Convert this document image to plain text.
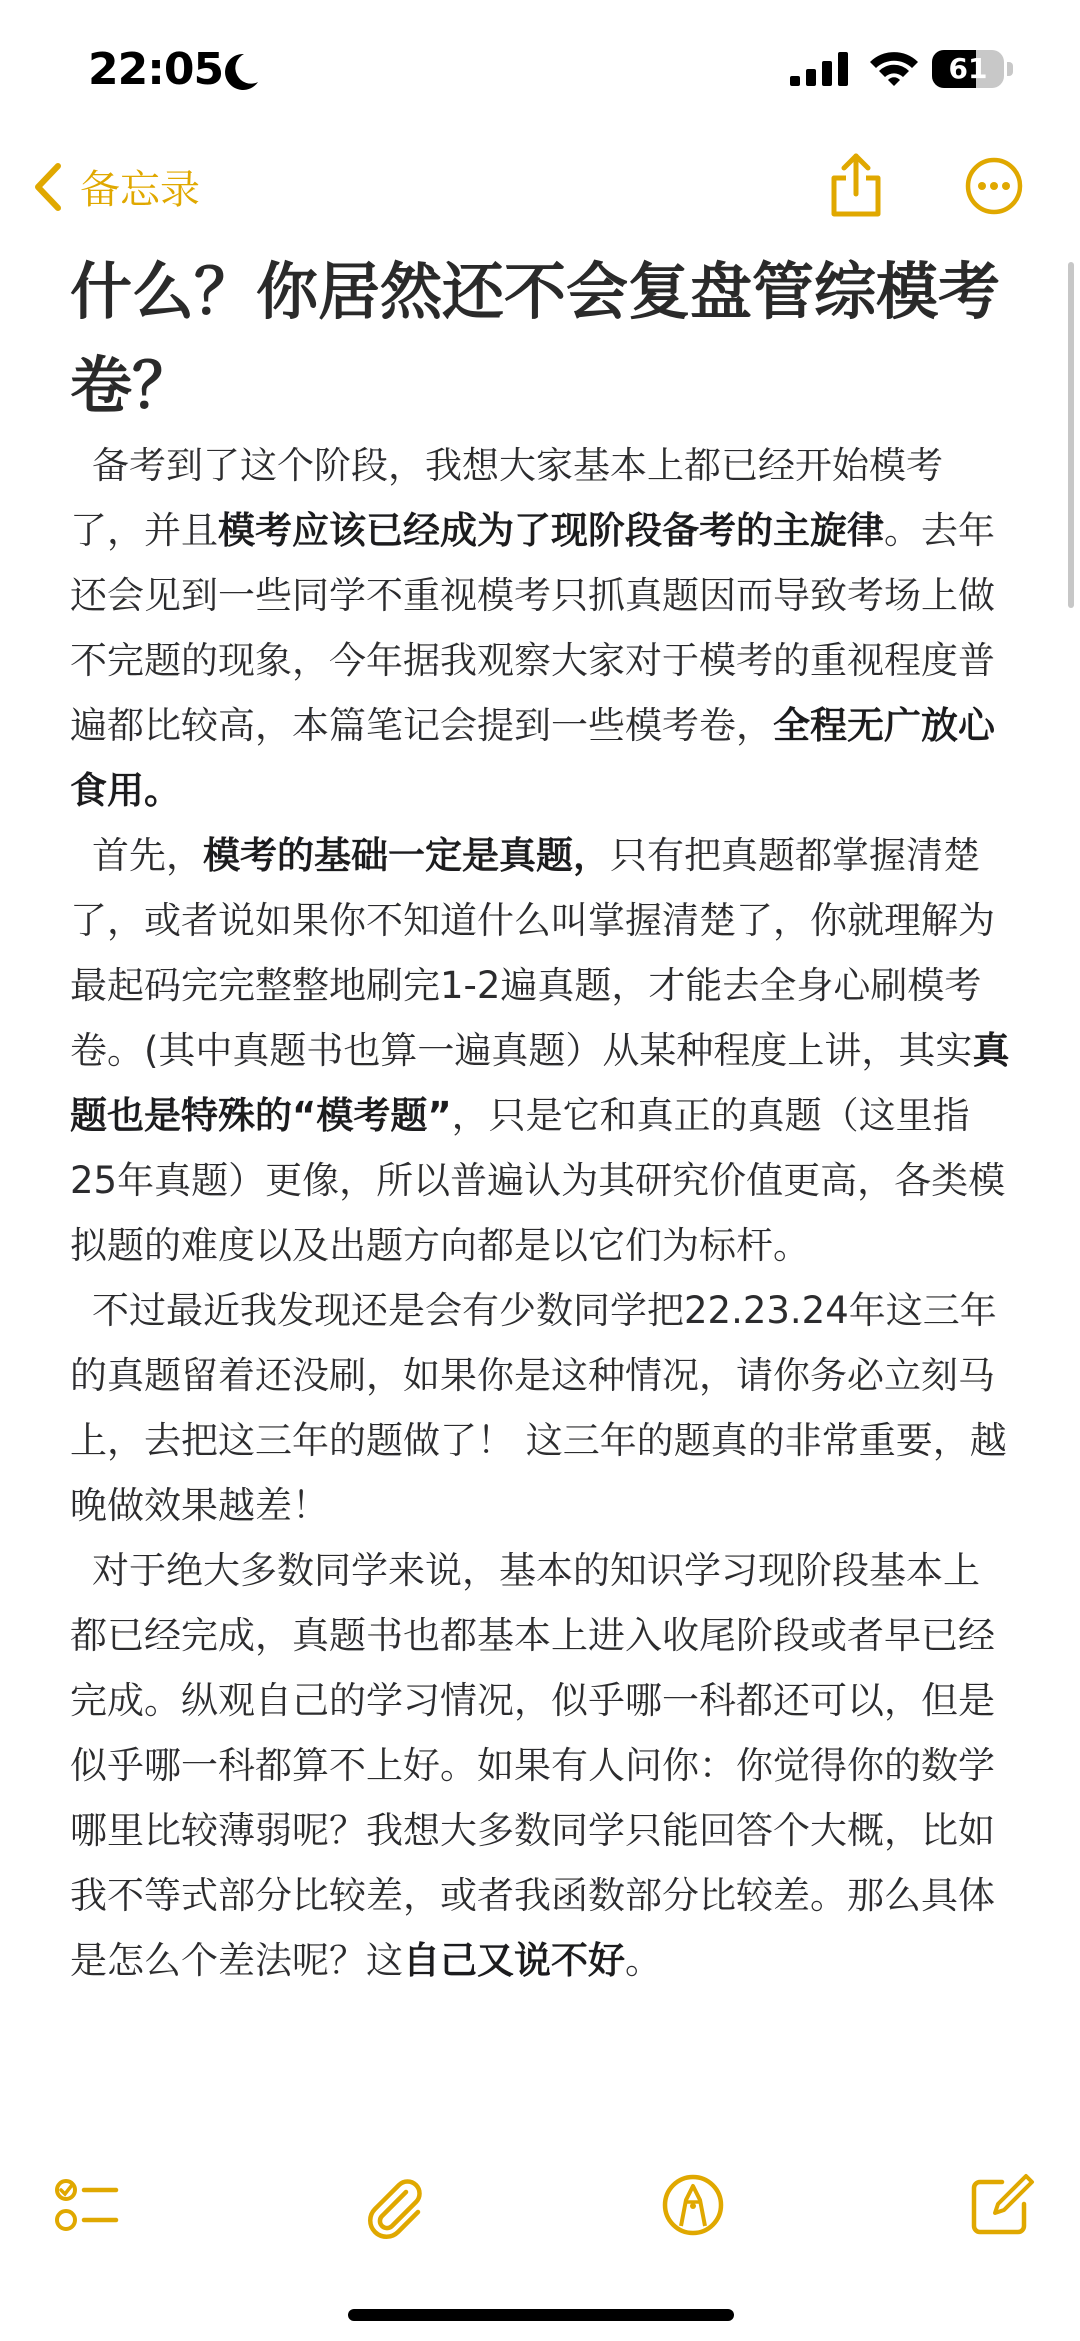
22:05	61
备忘录
什么？你居然还不会复盘管综模考卷？

备考到了这个阶段，我想大家基本上都已经开始模考了，并且模考应该已经成为了现阶段备考的主旋律。去年还会见到一些同学不重视模考只抓真题因而导致考场上做不完题的现象，今年据我观察大家对于模考的重视程度普遍都比较高，本篇笔记会提到一些模考卷，全程无广放心食用。

首先，模考的基础一定是真题，只有把真题都掌握清楚了，或者说如果你不知道什么叫掌握清楚了，你就理解为最起码完完整整地刷完1-2遍真题，才能去全身心刷模考卷。(其中真题书也算一遍真题）从某种程度上讲，其实真题也是特殊的“模考题”，只是它和真正的真题（这里指25年真题）更像，所以普遍认为其研究价值更高，各类模拟题的难度以及出题方向都是以它们为标杆。

不过最近我发现还是会有少数同学把22.23.24年这三年的真题留着还没刷，如果你是这种情况，请你务必立刻马上，去把这三年的题做了！ 这三年的题真的非常重要，越晚做效果越差！

对于绝大多数同学来说，基本的知识学习现阶段基本上都已经完成，真题书也都基本上进入收尾阶段或者早已经完成。纵观自己的学习情况，似乎哪一科都还可以，但是似乎哪一科都算不上好。如果有人问你：你觉得你的数学哪里比较薄弱呢？我想大多数同学只能回答个大概，比如我不等式部分比较差，或者我函数部分比较差。那么具体是怎么个差法呢？这自己又说不好。
